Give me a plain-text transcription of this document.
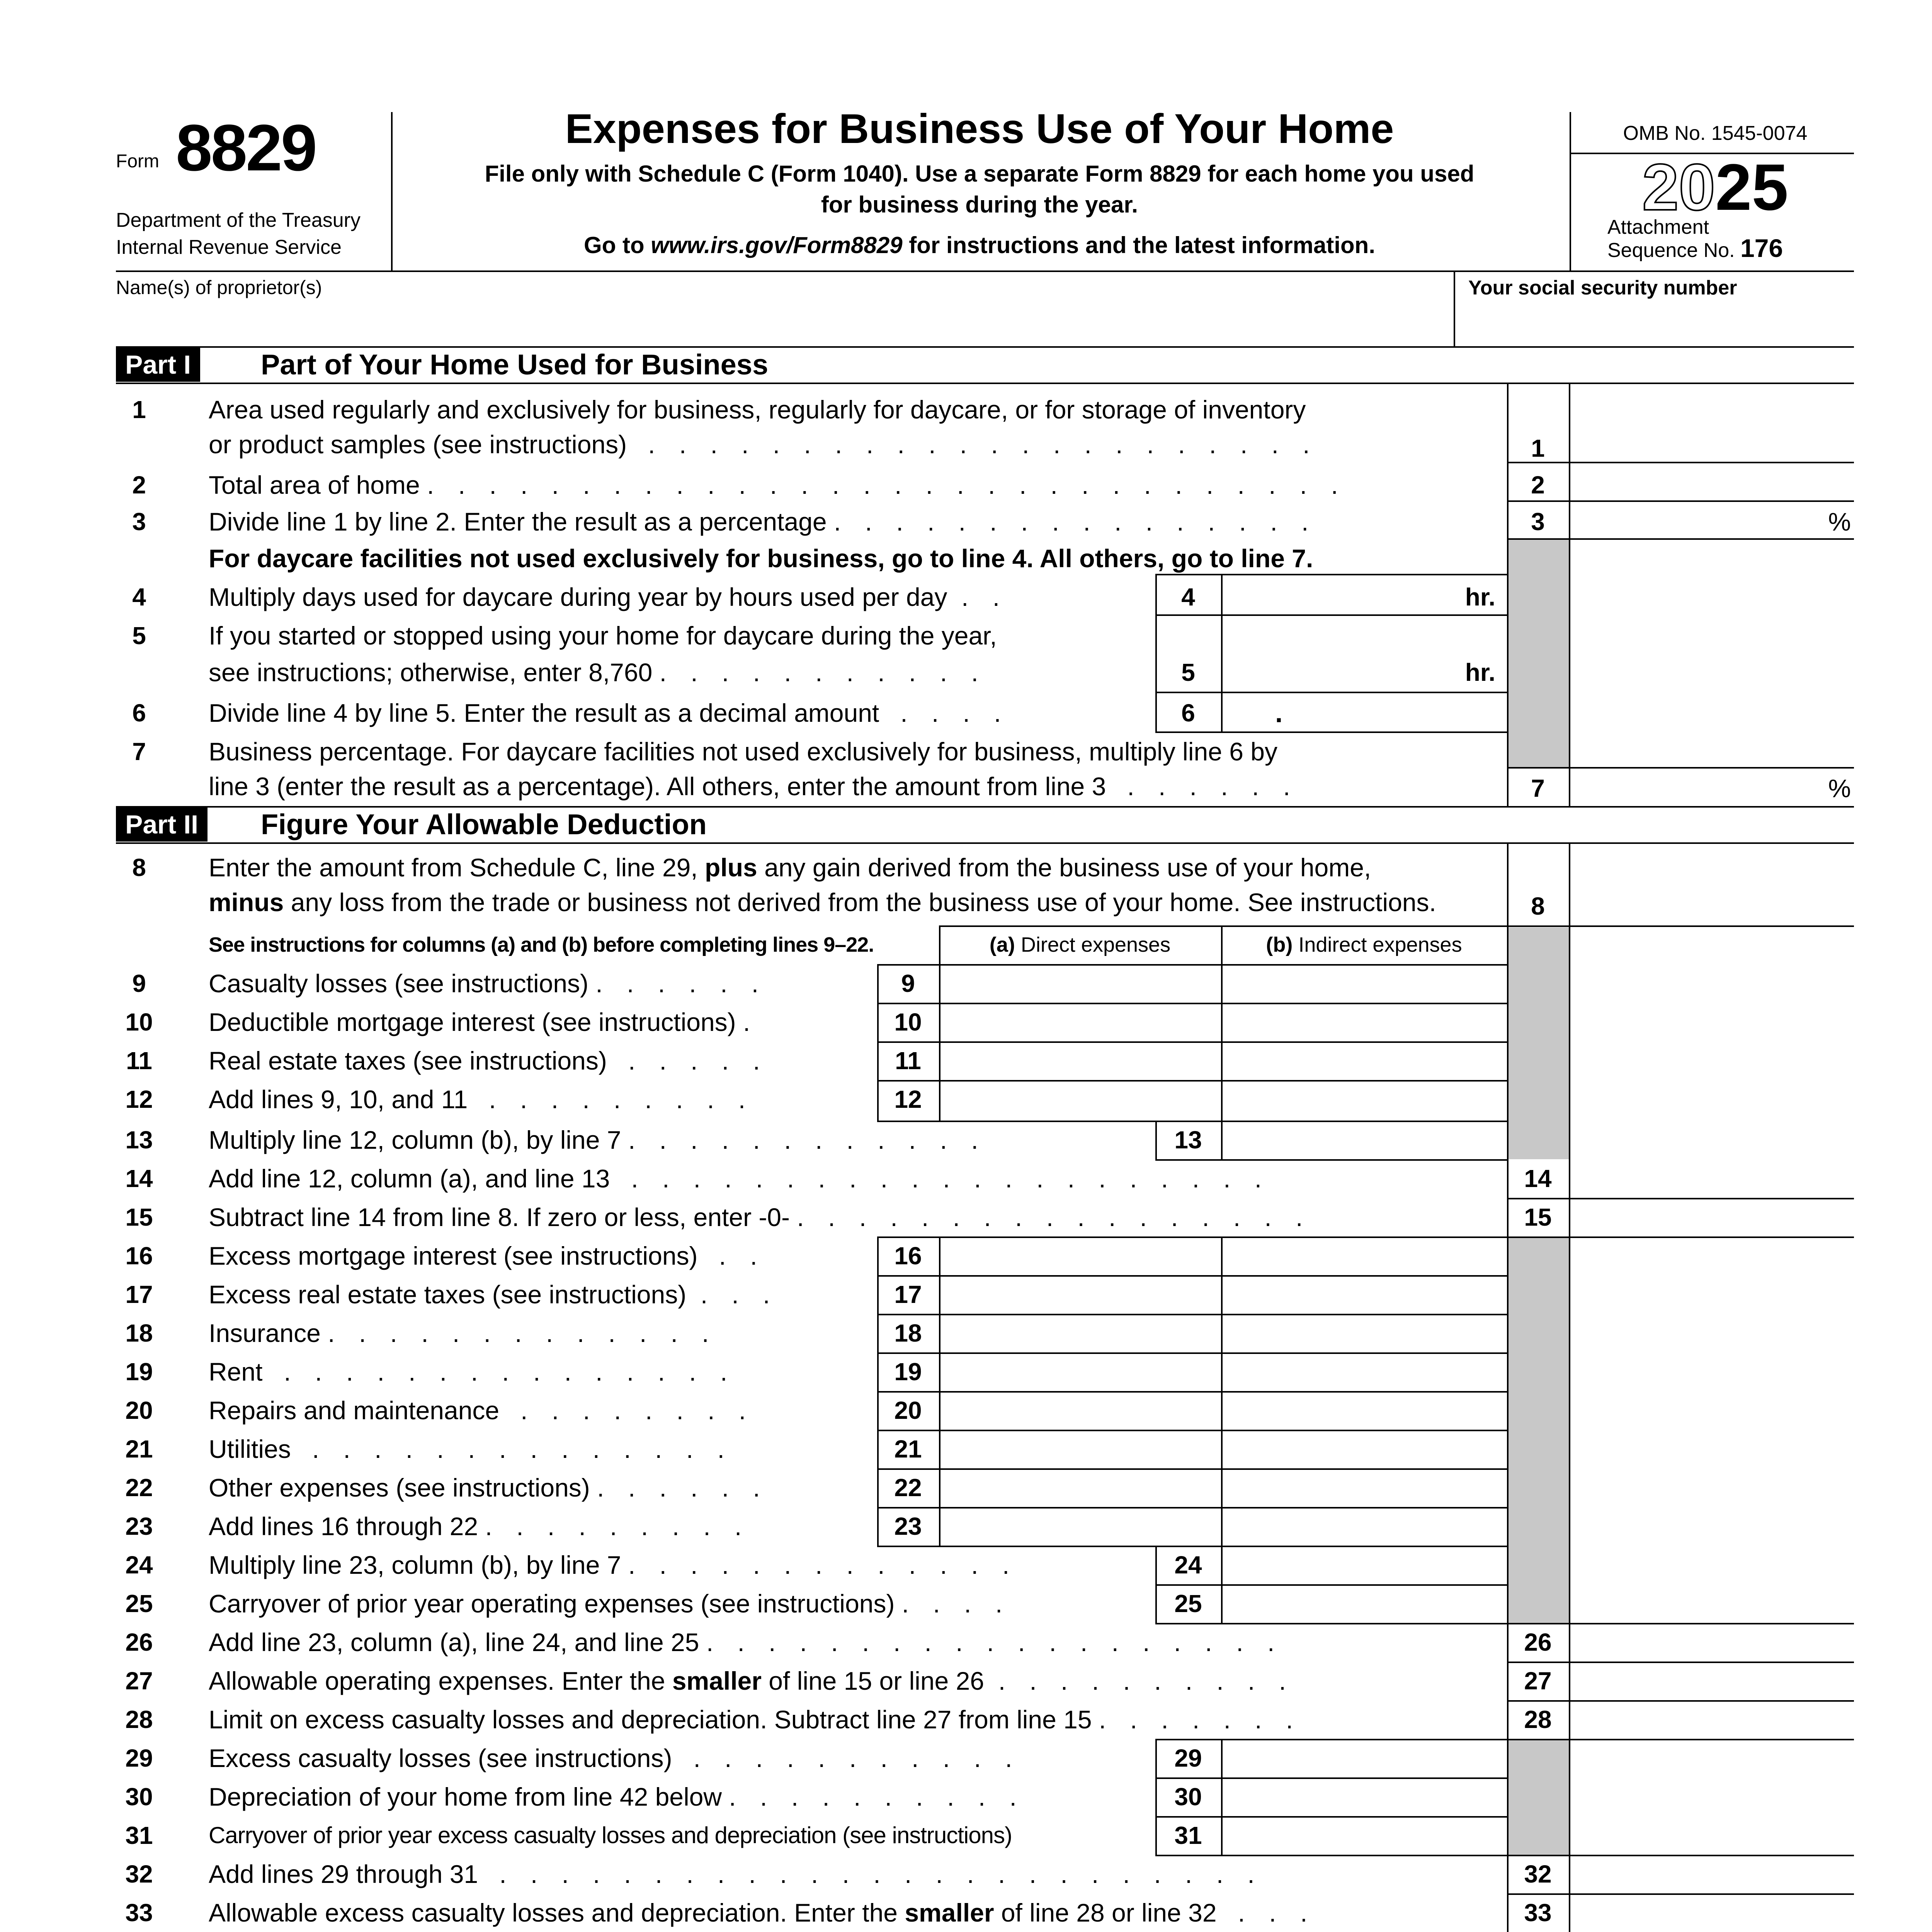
Form 8829
Department of the Treasury
Internal Revenue Service
Expenses for Business Use of Your Home
File only with Schedule C (Form 1040). Use a separate Form 8829 for each home you used
for business during the year.
Go to www.irs.gov/Form8829 for instructions and the latest information.
OMB No. 1545-0074
2025
Attachment
Sequence No. 176
Name(s) of proprietor(s)	Your social security number
Part I	Part of Your Home Used for Business
Part II	Figure Your Allowable Deduction
1	Area used regularly and exclusively for business, regularly for daycare, or for storage of inventory
or product samples (see instructions) . . . . . . . . . . . . . . . . . . . . . .	1
2	Total area of home . . . . . . . . . . . . . . . . . . . . . . . . . . . . . .	2
3	Divide line 1 by line 2. Enter the result as a percentage . . . . . . . . . . . . . . . .	3	%
For daycare facilities not used exclusively for business, go to line 4. All others, go to line 7.
4	Multiply days used for daycare during year by hours used per day . .	4	hr.
5	If you started or stopped using your home for daycare during the year,
see instructions; otherwise, enter 8,760 . . . . . . . . . . .	5	hr.
6	Divide line 4 by line 5. Enter the result as a decimal amount . . . .	6	.
7	Business percentage. For daycare facilities not used exclusively for business, multiply line 6 by
line 3 (enter the result as a percentage). All others, enter the amount from line 3 . . . . . .	7	%
8	Enter the amount from Schedule C, line 29, plus any gain derived from the business use of your home,
minus any loss from the trade or business not derived from the business use of your home. See instructions.	8
See instructions for columns (a) and (b) before completing lines 9–22.	(a) Direct expenses	(b) Indirect expenses
9	Casualty losses (see instructions) . . . . . .	9
10	Deductible mortgage interest (see instructions) .	10
11	Real estate taxes (see instructions) . . . . .	11
12	Add lines 9, 10, and 11 . . . . . . . . .	12
13	Multiply line 12, column (b), by line 7 . . . . . . . . . . . .	13
14	Add line 12, column (a), and line 13 . . . . . . . . . . . . . . . . . . . . .	14
15	Subtract line 14 from line 8. If zero or less, enter -0- . . . . . . . . . . . . . . . . .	15
16	Excess mortgage interest (see instructions) . .	16
17	Excess real estate taxes (see instructions) . . .	17
18	Insurance . . . . . . . . . . . . .	18
19	Rent . . . . . . . . . . . . . . .	19
20	Repairs and maintenance . . . . . . . .	20
21	Utilities . . . . . . . . . . . . . .	21
22	Other expenses (see instructions) . . . . . .	22
23	Add lines 16 through 22 . . . . . . . . .	23
24	Multiply line 23, column (b), by line 7 . . . . . . . . . . . . .	24
25	Carryover of prior year operating expenses (see instructions) . . . .	25
26	Add line 23, column (a), line 24, and line 25 . . . . . . . . . . . . . . . . . . .	26
27	Allowable operating expenses. Enter the smaller of line 15 or line 26 . . . . . . . . . .	27
28	Limit on excess casualty losses and depreciation. Subtract line 27 from line 15 . . . . . . .	28
29	Excess casualty losses (see instructions) . . . . . . . . . . .	29
30	Depreciation of your home from line 42 below . . . . . . . . . .	30
31	Carryover of prior year excess casualty losses and depreciation (see instructions)	31
32	Add lines 29 through 31 . . . . . . . . . . . . . . . . . . . . . . . . .	32
33	Allowable excess casualty losses and depreciation. Enter the smaller of line 28 or line 32 . . .	33
